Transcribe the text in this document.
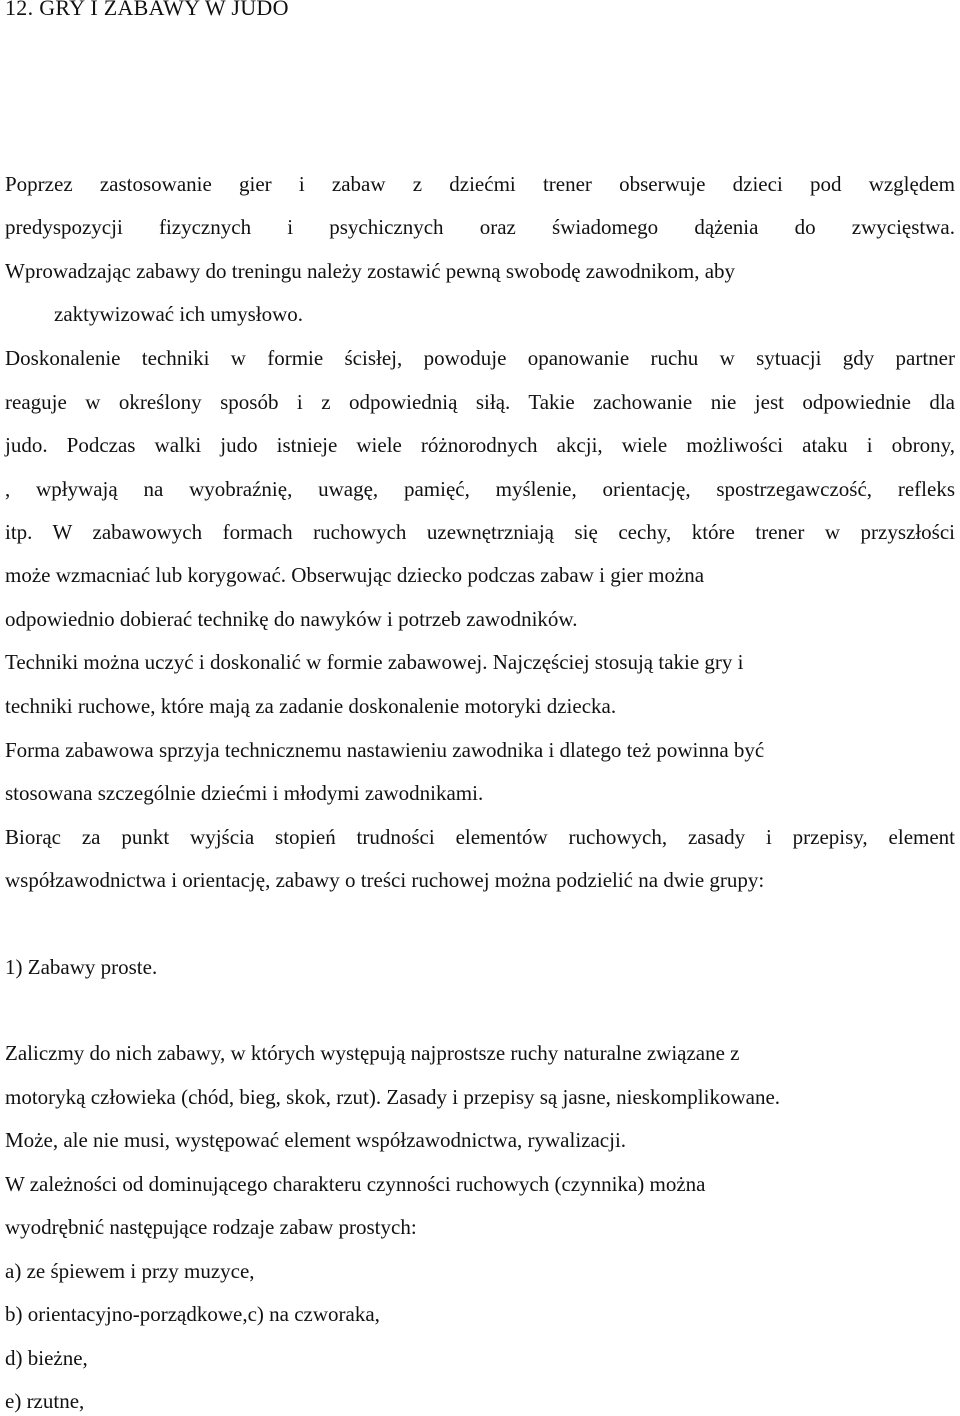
12. GRY I ZABAWY W JUDO
Poprzez zastosowanie gier i zabaw z dziećmi trener obserwuje dzieci pod względem
predyspozycji fizycznych i psychicznych oraz świadomego dążenia do zwycięstwa.
Wprowadzając zabawy do treningu należy zostawić pewną swobodę zawodnikom, aby
zaktywizować ich umysłowo.
Doskonalenie techniki w formie ścisłej, powoduje opanowanie ruchu w sytuacji gdy partner
reaguje w określony sposób i z odpowiednią siłą. Takie zachowanie nie jest odpowiednie dla
judo. Podczas walki judo istnieje wiele różnorodnych akcji, wiele możliwości ataku i obrony,
, wpływają na wyobraźnię, uwagę, pamięć, myślenie, orientację, spostrzegawczość, refleks
itp. W zabawowych formach ruchowych uzewnętrzniają się cechy, które trener w przyszłości
może wzmacniać lub korygować. Obserwując dziecko podczas zabaw i gier można
odpowiednio dobierać technikę do nawyków i potrzeb zawodników.
Techniki można uczyć i doskonalić w formie zabawowej. Najczęściej stosują takie gry i
techniki ruchowe, które mają za zadanie doskonalenie motoryki dziecka.
Forma zabawowa sprzyja technicznemu nastawieniu zawodnika i dlatego też powinna być
stosowana szczególnie dziećmi i młodymi zawodnikami.
Biorąc za punkt wyjścia stopień trudności elementów ruchowych, zasady i przepisy, element
współzawodnictwa i orientację, zabawy o treści ruchowej można podzielić na dwie grupy:
1) Zabawy proste.
Zaliczmy do nich zabawy, w których występują najprostsze ruchy naturalne związane z
motoryką człowieka (chód, bieg, skok, rzut). Zasady i przepisy są jasne, nieskomplikowane.
Może, ale nie musi, występować element współzawodnictwa, rywalizacji.
W zależności od dominującego charakteru czynności ruchowych (czynnika) można
wyodrębnić następujące rodzaje zabaw prostych:
a) ze śpiewem i przy muzyce,
b) orientacyjno-porządkowe,c) na czworaka,
d) bieżne,
e) rzutne,
